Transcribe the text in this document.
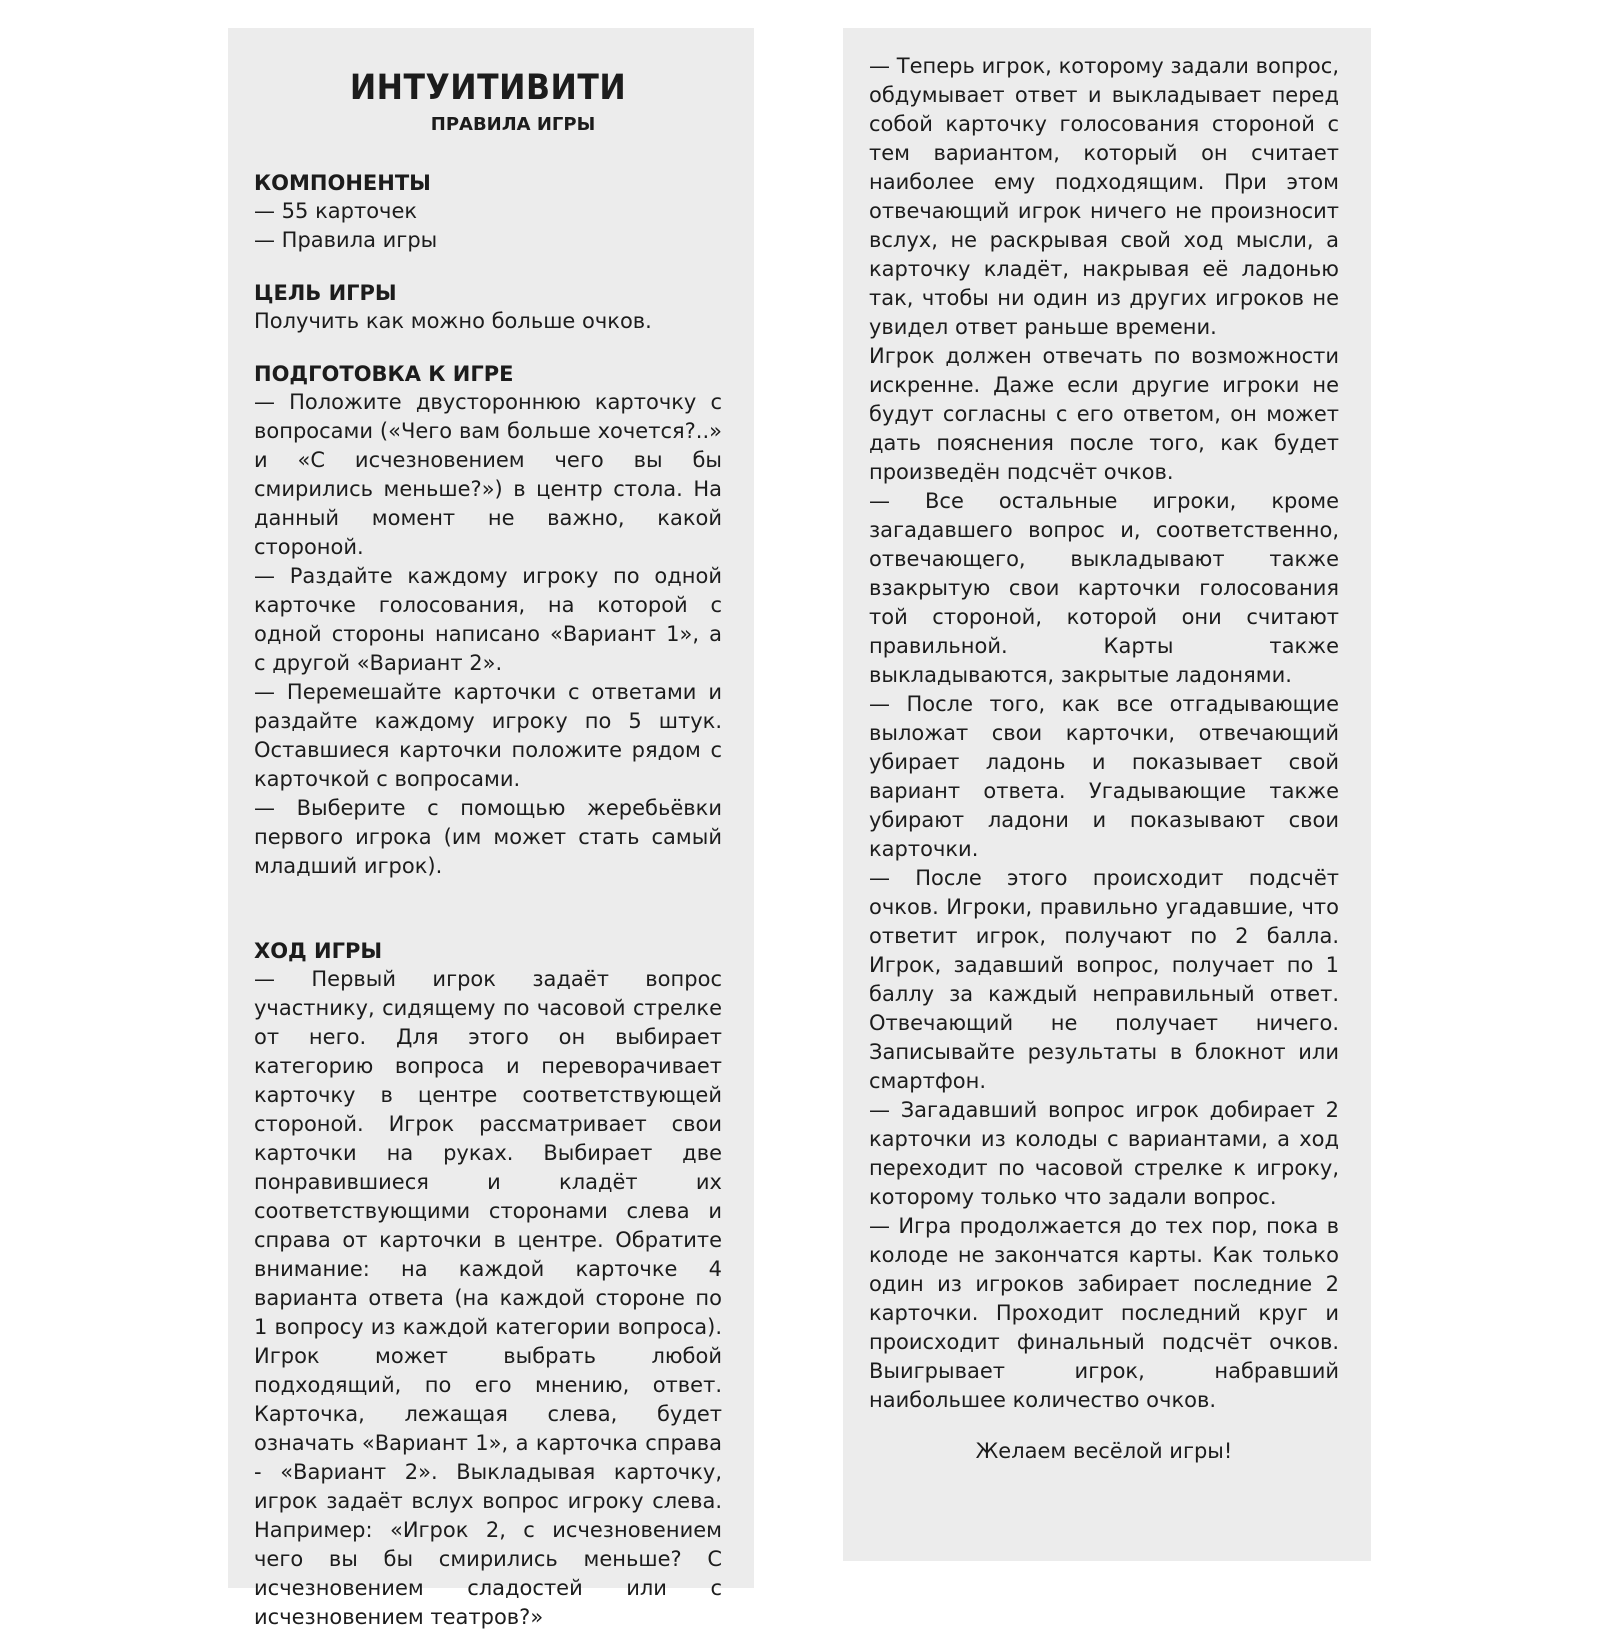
ИНТУИТИВИТИ
ПРАВИЛА ИГРЫ
КОМПОНЕНТЫ
— 55 карточек
— Правила игры
ЦЕЛЬ ИГРЫ
Получить как можно больше очков.
ПОДГОТОВКА К ИГРЕ
— Положите двустороннюю карточку с вопросами («Чего вам больше хочется?..» и «С исчезновением чего вы бы смирились меньше?») в центр стола. На данный момент не важно, какой стороной.
— Раздайте каждому игроку по одной карточке голосования, на которой с одной стороны написано «Вариант 1», а с другой «Вариант 2».
— Перемешайте карточки с ответами и раздайте каждому игроку по 5 штук. Оставшиеся карточки положите рядом с карточкой с вопросами.
— Выберите с помощью жеребьёвки первого игрока (им может стать самый младший игрок).
ХОД ИГРЫ
— Первый игрок задаёт вопрос участнику, сидящему по часовой стрелке от него. Для этого он выбирает категорию вопроса и переворачивает карточку в центре соответствующей стороной. Игрок рассматривает свои карточки на руках. Выбирает две понравившиеся и кладёт их соответствующими сторонами слева и справа от карточки в центре. Обратите внимание: на каждой карточке 4 варианта ответа (на каждой стороне по 1 вопросу из каждой категории вопроса). Игрок может выбрать любой подходящий, по его мнению, ответ. Карточка, лежащая слева, будет означать «Вариант 1», а карточка справа - «Вариант 2». Выкладывая карточку, игрок задаёт вслух вопрос игроку слева. Например: «Игрок 2, с исчезновением чего вы бы смирились меньше? С исчезновением сладостей или с исчезновением театров?»
— Теперь игрок, которому задали вопрос, обдумывает ответ и выкладывает перед собой карточку голосования стороной с тем вариантом, который он считает наиболее ему подходящим. При этом отвечающий игрок ничего не произносит вслух, не раскрывая свой ход мысли, а карточку кладёт, накрывая её ладонью так, чтобы ни один из других игроков не увидел ответ раньше времени.
Игрок должен отвечать по возможности искренне. Даже если другие игроки не будут согласны с его ответом, он может дать пояснения после того, как будет произведён подсчёт очков.
— Все остальные игроки, кроме загадавшего вопрос и, соответственно, отвечающего, выкладывают также взакрытую свои карточки голосования той стороной, которой они считают правильной. Карты также выкладываются, закрытые ладонями.
— После того, как все отгадывающие выложат свои карточки, отвечающий убирает ладонь и показывает свой вариант ответа. Угадывающие также убирают ладони и показывают свои карточки.
— После этого происходит подсчёт очков. Игроки, правильно угадавшие, что ответит игрок, получают по 2 балла. Игрок, задавший вопрос, получает по 1 баллу за каждый неправильный ответ. Отвечающий не получает ничего. Записывайте результаты в блокнот или смартфон.
— Загадавший вопрос игрок добирает 2 карточки из колоды с вариантами, а ход переходит по часовой стрелке к игроку, которому только что задали вопрос.
— Игра продолжается до тех пор, пока в колоде не закончатся карты. Как только один из игроков забирает последние 2 карточки. Проходит последний круг и происходит финальный подсчёт очков. Выигрывает игрок, набравший наибольшее количество очков.
Желаем весёлой игры!
